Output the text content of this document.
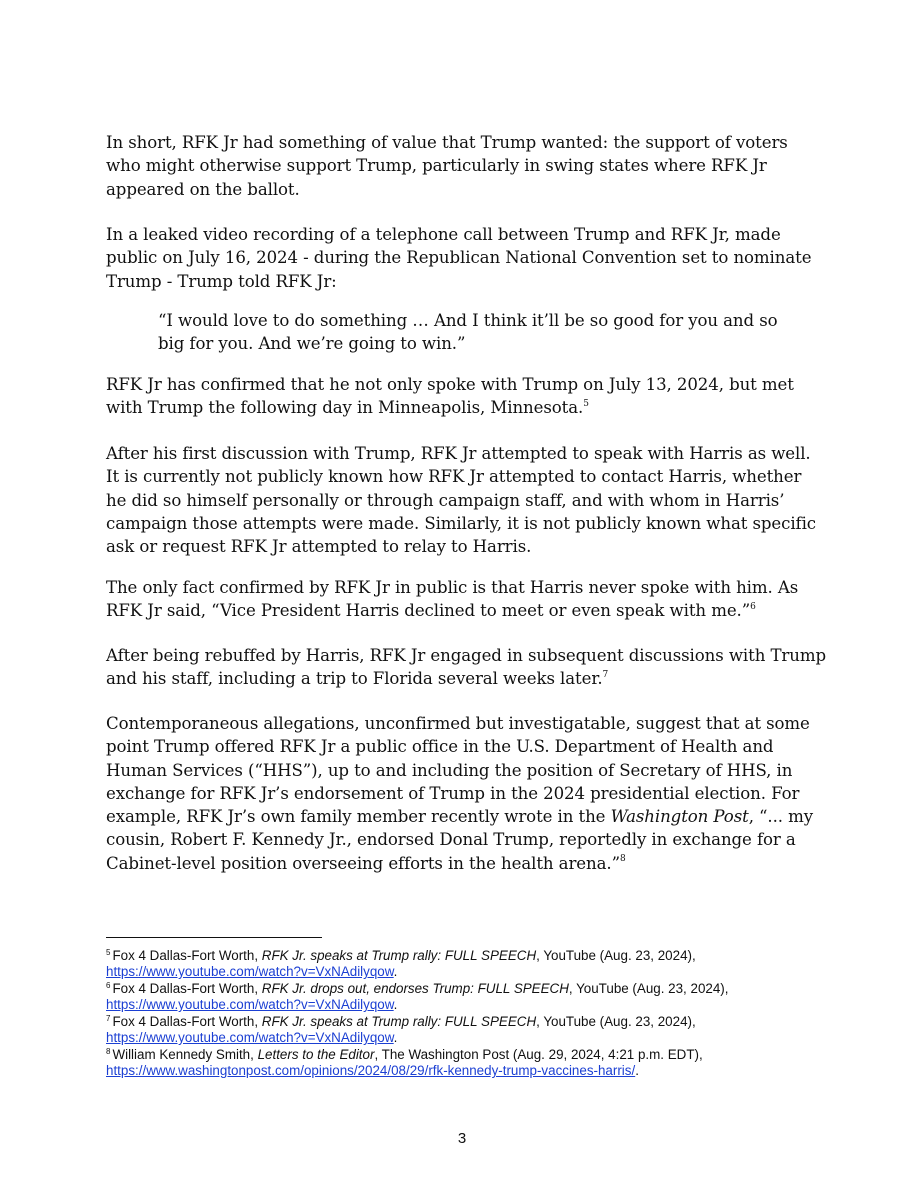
In short, RFK Jr had something of value that Trump wanted: the support of voters who might otherwise support Trump, particularly in swing states where RFK Jr appeared on the ballot.

In a leaked video recording of a telephone call between Trump and RFK Jr, made public on July 16, 2024 - during the Republican National Convention set to nominate Trump - Trump told RFK Jr:

“I would love to do something … And I think it’ll be so good for you and so big for you. And we’re going to win.”

RFK Jr has confirmed that he not only spoke with Trump on July 13, 2024, but met with Trump the following day in Minneapolis, Minnesota.$^5$

After his first discussion with Trump, RFK Jr attempted to speak with Harris as well. It is currently not publicly known how RFK Jr attempted to contact Harris, whether he did so himself personally or through campaign staff, and with whom in Harris’ campaign those attempts were made. Similarly, it is not publicly known what specific ask or request RFK Jr attempted to relay to Harris.

The only fact confirmed by RFK Jr in public is that Harris never spoke with him. As RFK Jr said, “Vice President Harris declined to meet or even speak with me.”$^6$

After being rebuffed by Harris, RFK Jr engaged in subsequent discussions with Trump and his staff, including a trip to Florida several weeks later.$^7$

Contemporaneous allegations, unconfirmed but investigatable, suggest that at some point Trump offered RFK Jr a public office in the U.S. Department of Health and Human Services (“HHS”), up to and including the position of Secretary of HHS, in exchange for RFK Jr’s endorsement of Trump in the 2024 presidential election. For example, RFK Jr’s own family member recently wrote in the Washington Post, “... my cousin, Robert F. Kennedy Jr., endorsed Donal Trump, reportedly in exchange for a Cabinet-level position overseeing efforts in the health arena.”$^8$

$^5$ Fox 4 Dallas-Fort Worth, RFK Jr. speaks at Trump rally: FULL SPEECH, YouTube (Aug. 23, 2024),
https://www.youtube.com/watch?v=VxNAdilyqow.

$^6$ Fox 4 Dallas-Fort Worth, RFK Jr. drops out, endorses Trump: FULL SPEECH, YouTube (Aug. 23, 2024),
https://www.youtube.com/watch?v=VxNAdilyqow.

$^7$ Fox 4 Dallas-Fort Worth, RFK Jr. speaks at Trump rally: FULL SPEECH, YouTube (Aug. 23, 2024),
https://www.youtube.com/watch?v=VxNAdilyqow.

$^8$ William Kennedy Smith, Letters to the Editor, The Washington Post (Aug. 29, 2024, 4:21 p.m. EDT),
https://www.washingtonpost.com/opinions/2024/08/29/rfk-kennedy-trump-vaccines-harris/.

3
